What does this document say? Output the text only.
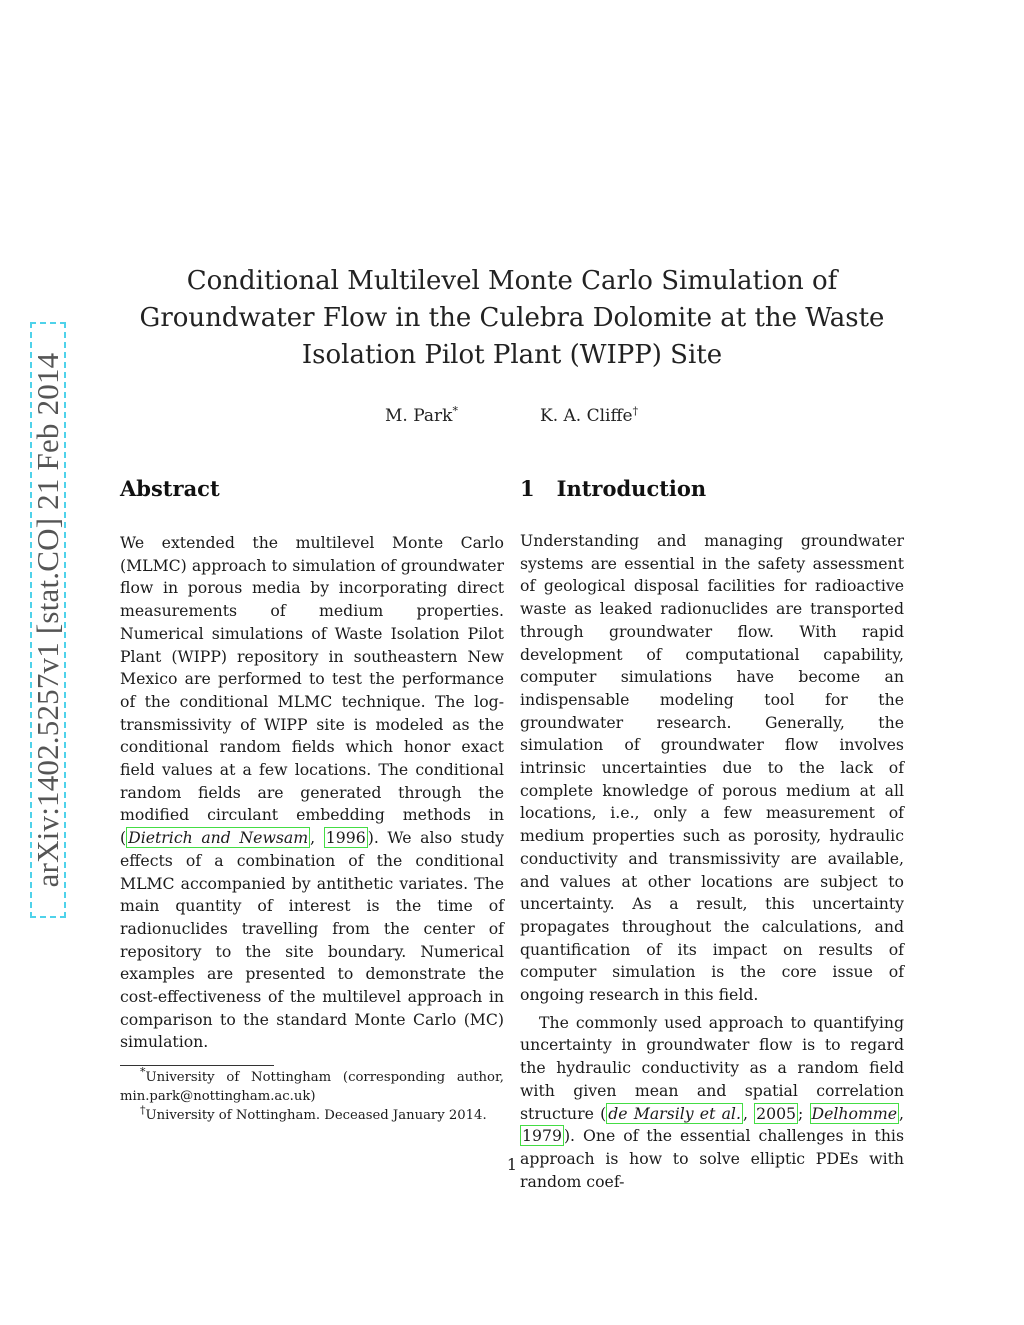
arXiv:1402.5257v1 [stat.CO] 21 Feb 2014
Conditional Multilevel Monte Carlo Simulation of Groundwater Flow in the Culebra Dolomite at the Waste Isolation Pilot Plant (WIPP) Site
M. Park*	K. A. Cliffe†
Abstract	1 Introduction

We extended the multilevel Monte Carlo (MLMC) approach to simulation of groundwater flow in porous media by incorporating direct measurements of medium properties. Numerical simulations of Waste Isolation Pilot Plant (WIPP) repository in southeastern New Mexico are performed to test the performance of the conditional MLMC technique. The log-transmissivity of WIPP site is modeled as the conditional random fields which honor exact field values at a few locations. The conditional random fields are generated through the modified circulant embedding methods in ( Dietrich and Newsam , 1996 ). We also study effects of a combination of the conditional MLMC accompanied by antithetic variates. The main quantity of interest is the time of radionuclides travelling from the center of repository to the site boundary. Numerical examples are presented to demonstrate the cost-effectiveness of the multilevel approach in comparison to the standard Monte Carlo (MC) simulation.

Understanding and managing groundwater systems are essential in the safety assessment of geological disposal facilities for radioactive waste as leaked radionuclides are transported through groundwater flow. With rapid development of computational capability, computer simulations have become an indispensable modeling tool for the groundwater research. Generally, the simulation of groundwater flow involves intrinsic uncertainties due to the lack of complete knowledge of porous medium at all locations, i.e., only a few measurement of medium properties such as porosity, hydraulic conductivity and transmissivity are available, and values at other locations are subject to uncertainty. As a result, this uncertainty propagates throughout the calculations, and quantification of its impact on results of computer simulation is the core issue of ongoing research in this field.

The commonly used approach to quantifying uncertainty in groundwater flow is to regard the hydraulic conductivity as a random field with given mean and spatial correlation structure ( de Marsily et al. , 2005 ; Delhomme , 1979 ). One of the essential challenges in this approach is how to solve elliptic PDEs with random coef-

*University of Nottingham (corresponding author, min.park@nottingham.ac.uk)

†University of Nottingham. Deceased January 2014.

1
